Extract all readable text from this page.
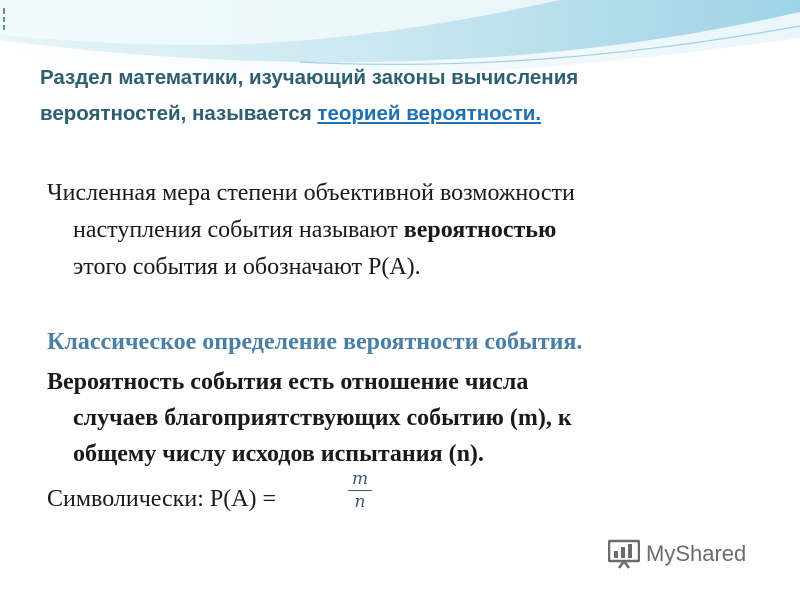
Раздел математики, изучающий законы вычисления
вероятностей, называется теорией вероятности.
Численная мера степени объективной возможности
наступления события называют вероятностью
этого события и обозначают Р(А).
Классическое определение вероятности события.
Вероятность события есть отношение числа
случаев благоприятствующих событию (m), к
общему числу исходов испытания (n).
Символически: Р(А) =
m
n
MyShared
